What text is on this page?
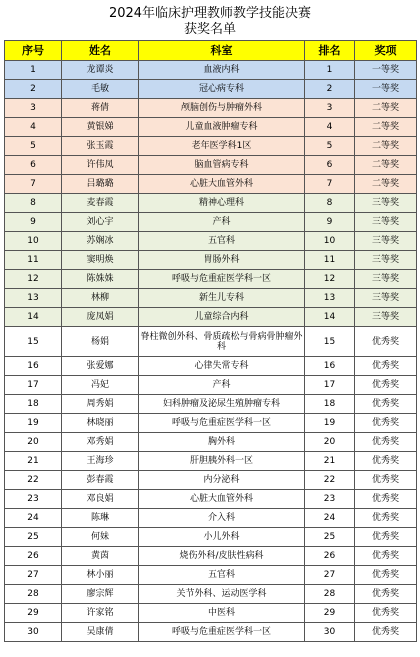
2024年临床护理教师教学技能决赛
获奖名单
序号	姓名	科室	排名	奖项
1	龙谭炎	血液内科	1	一等奖
2	毛敏	冠心病专科	2	一等奖
3	蒋倩	颅脑创伤与肿瘤外科	3	二等奖
4	黄银娣	儿童血液肿瘤专科	4	二等奖
5	张玉霞	老年医学科1区	5	二等奖
6	许伟凤	脑血管病专科	6	二等奖
7	吕璐璐	心脏大血管外科	7	二等奖
8	麦春霞	精神心理科	8	三等奖
9	刘心宇	产科	9	三等奖
10	苏娴冰	五官科	10	三等奖
11	窦明焕	胃肠外科	11	三等奖
12	陈姝姝	呼吸与危重症医学科一区	12	三等奖
13	林柳	新生儿专科	13	三等奖
14	庞凤娟	儿童综合内科	14	三等奖
15	杨娟	脊柱微创外科、骨质疏松与骨病骨肿瘤外科	15	优秀奖
16	张爱娜	心律失常专科	16	优秀奖
17	冯妃	产科	17	优秀奖
18	周秀娟	妇科肿瘤及泌尿生殖肿瘤专科	18	优秀奖
19	林晓丽	呼吸与危重症医学科一区	19	优秀奖
20	邓秀娟	胸外科	20	优秀奖
21	王海珍	肝胆胰外科一区	21	优秀奖
22	彭春霞	内分泌科	22	优秀奖
23	邓良娟	心脏大血管外科	23	优秀奖
24	陈琳	介入科	24	优秀奖
25	何妹	小儿外科	25	优秀奖
26	黄茵	烧伤外科/皮肤性病科	26	优秀奖
27	林小丽	五官科	27	优秀奖
28	廖宗辉	关节外科、运动医学科	28	优秀奖
29	许家铭	中医科	29	优秀奖
30	吴康倩	呼吸与危重症医学科一区	30	优秀奖
